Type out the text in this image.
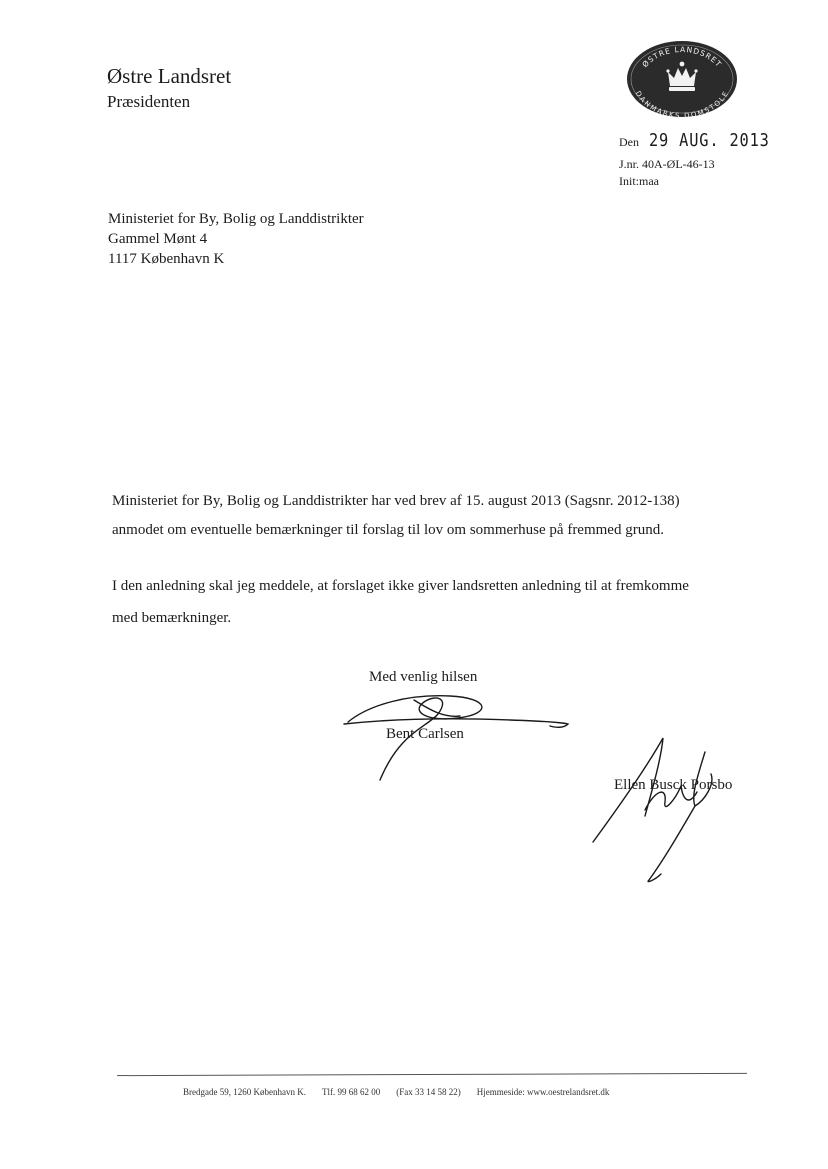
Østre Landsret
Præsidenten
ØSTRE LANDSRET
DANMARKS DOMSTOLE
Den 29 AUG. 2013
J.nr. 40A-ØL-46-13
Init:maa
Ministeriet for By, Bolig og Landdistrikter
Gammel Mønt 4
1117 København K
Ministeriet for By, Bolig og Landdistrikter har ved brev af 15. august 2013 (Sagsnr. 2012-138)
anmodet om eventuelle bemærkninger til forslag til lov om sommerhuse på fremmed grund.
I den anledning skal jeg meddele, at forslaget ikke giver landsretten anledning til at fremkomme
med bemærkninger.
Med venlig hilsen
Bent Carlsen
Ellen Busck Porsbo
Bredgade 59, 1260 København K. Tlf. 99 68 62 00 (Fax 33 14 58 22) Hjemmeside: www.oestrelandsret.dk
